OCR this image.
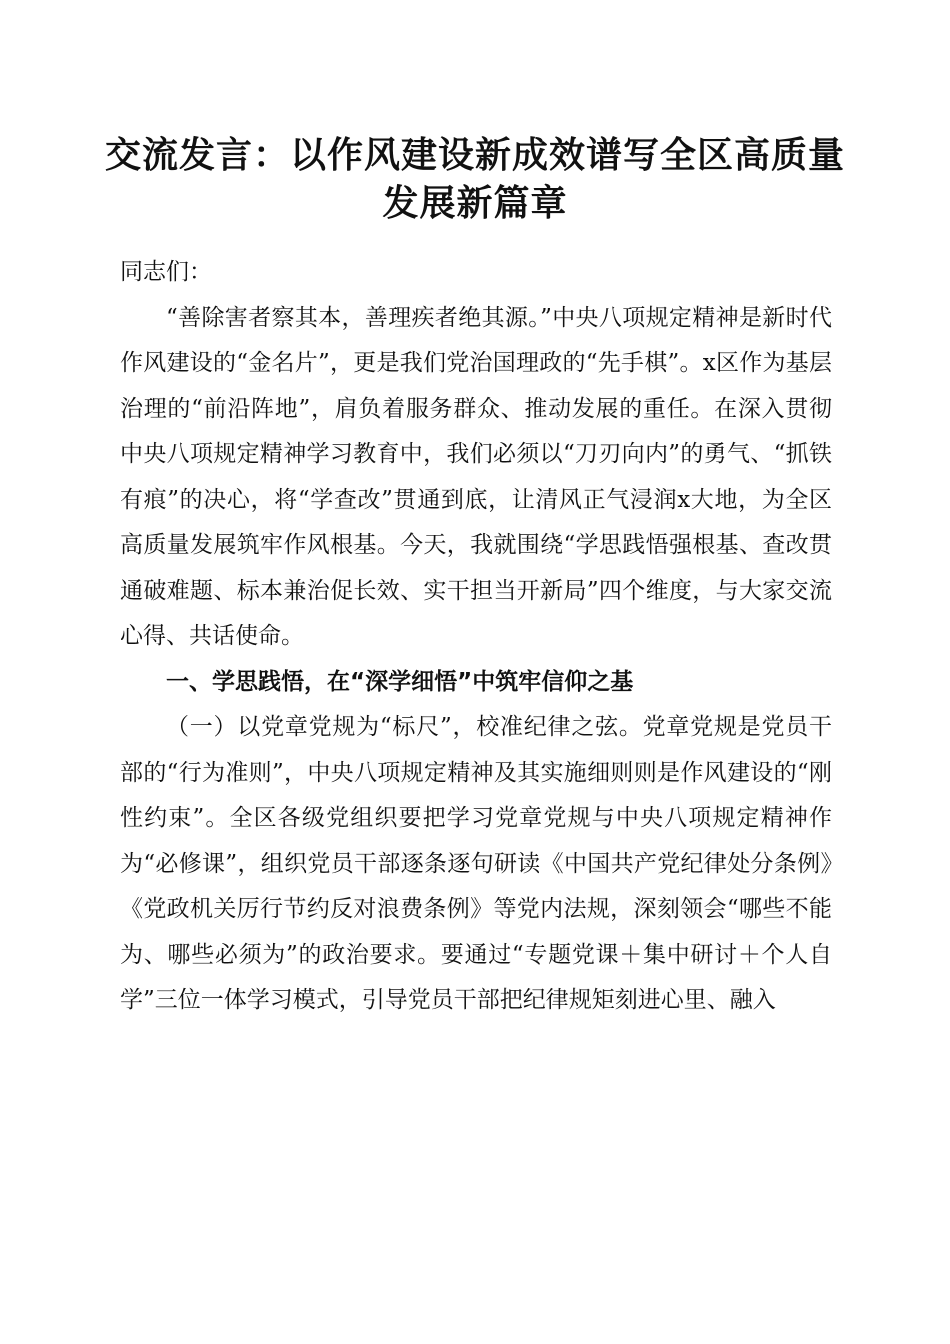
交流发言：以作风建设新成效谱写全区高质量
发展新篇章

同志们：

“善除害者察其本，善理疾者绝其源。”中央八项规定精神是新时代作风建设的“金名片”，更是我们党治国理政的“先手棋”。x区作为基层治理的“前沿阵地”，肩负着服务群众、推动发展的重任。在深入贯彻中央八项规定精神学习教育中，我们必须以“刀刃向内”的勇气、“抓铁有痕”的决心，将“学查改”贯通到底，让清风正气浸润x大地，为全区高质量发展筑牢作风根基。今天，我就围绕“学思践悟强根基、查改贯通破难题、标本兼治促长效、实干担当开新局”四个维度，与大家交流心得、共话使命。

一、学思践悟，在“深学细悟”中筑牢信仰之基

（一）以党章党规为“标尺”，校准纪律之弦。党章党规是党员干部的“行为准则”，中央八项规定精神及其实施细则则是作风建设的“刚性约束”。全区各级党组织要把学习党章党规与中央八项规定精神作为“必修课”，组织党员干部逐条逐句研读《中国共产党纪律处分条例》《党政机关厉行节约反对浪费条例》等党内法规，深刻领会“哪些不能为、哪些必须为”的政治要求。要通过“专题党课＋集中研讨＋个人自学”三位一体学习模式，引导党员干部把纪律规矩刻进心里、融入
